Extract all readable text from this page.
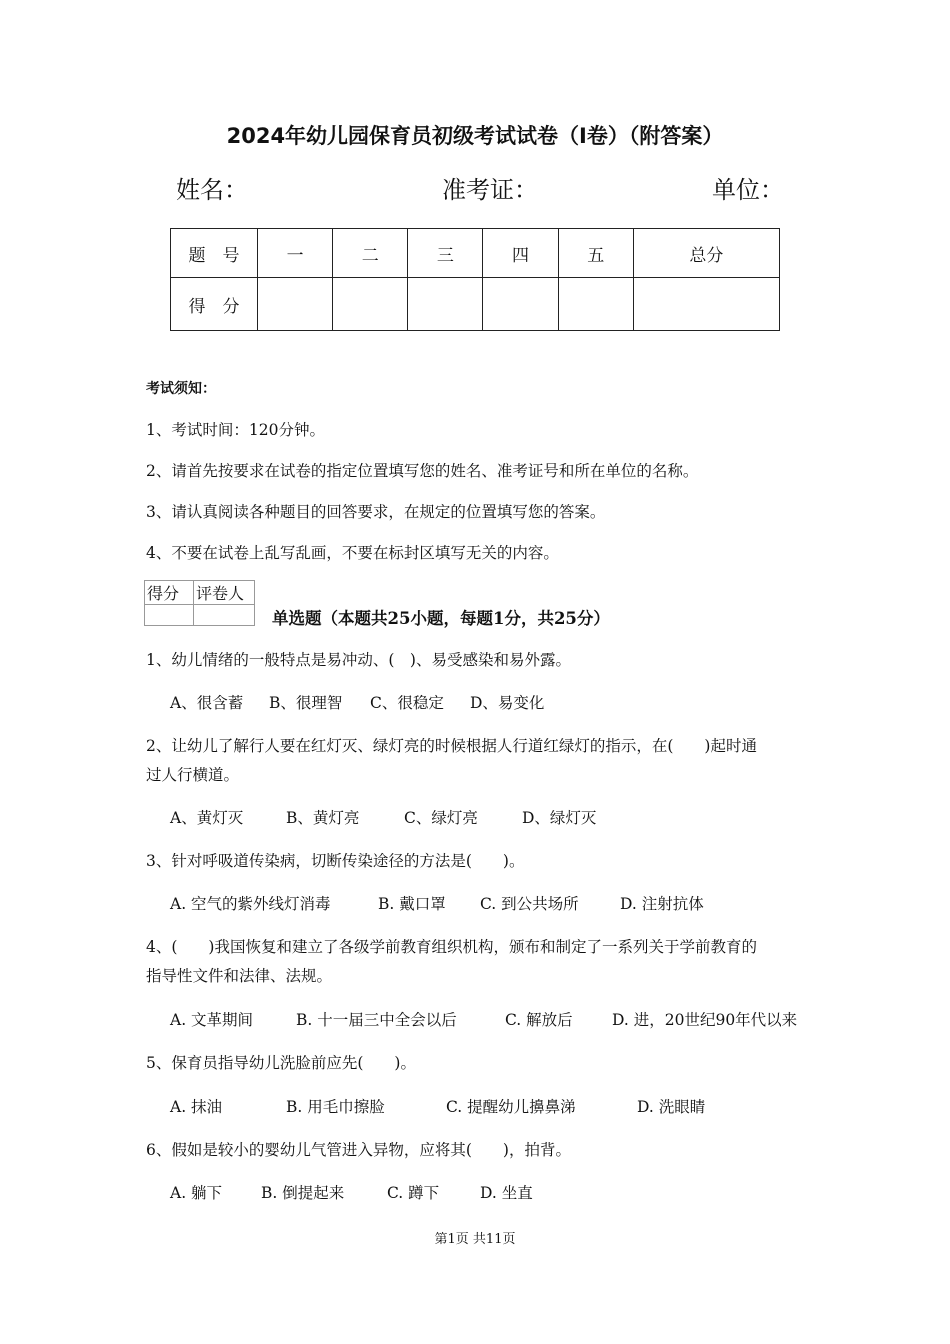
2024年幼儿园保育员初级考试试卷（I卷）（附答案）
姓名：	准考证：	单位：
题　号	一	二	三	四	五	总分
得　分						
考试须知：
1、考试时间：120分钟。
2、请首先按要求在试卷的指定位置填写您的姓名、准考证号和所在单位的名称。
3、请认真阅读各种题目的回答要求，在规定的位置填写您的答案。
4、不要在试卷上乱写乱画，不要在标封区填写无关的内容。
得分	评卷人

单选题（本题共25小题，每题1分，共25分）
1、幼儿情绪的一般特点是易冲动、(　)、易受感染和易外露。
A、很含蓄 B、很理智 C、很稳定 D、易变化
2、让幼儿了解行人要在红灯灭、绿灯亮的时候根据人行道红绿灯的指示，在(　　)起时通
过人行横道。
A、黄灯灭	B、黄灯亮	C、绿灯亮	D、绿灯灭
3、针对呼吸道传染病，切断传染途径的方法是(　　)。
A. 空气的紫外线灯消毒	B. 戴口罩 C. 到公共场所	D. 注射抗体
4、(　　)我国恢复和建立了各级学前教育组织机构，颁布和制定了一系列关于学前教育的
指导性文件和法律、法规。
A. 文革期间	B. 十一届三中全会以后	C. 解放后	D. 进，20世纪90年代以来
5、保育员指导幼儿洗脸前应先(　　)。
A. 抹油	B. 用毛巾擦脸	C. 提醒幼儿擤鼻涕	D. 洗眼睛
6、假如是较小的婴幼儿气管进入异物，应将其(　　)，拍背。
A. 躺下	B. 倒提起来	C. 蹲下	D. 坐直
第1页 共11页
